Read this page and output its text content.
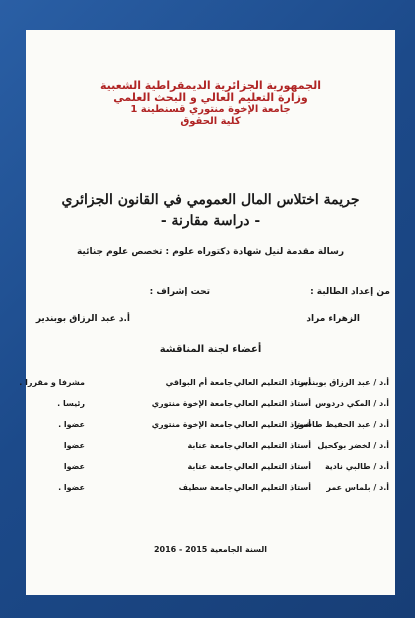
الجمهورية الجزائرية الديمقراطية الشعبية
وزارة التعليم العالي و البحث العلمي
جامعة الإخوة منتوري قسنطينة 1
كلية الحقوق
جريمة اختلاس المال العمومي في القانون الجزائري
- دراسة مقارنة -
رسالة مقدمة لنيل شهادة دكتوراه علوم : تخصص علوم جنائية
من إعداد الطالبة :
تحت إشراف :
الزهراء مراد
أ.د عبد الرزاق بوبندير
أعضاء لجنة المناقشة
أ.د / عبد الرزاق بوبندير
أستاذ التعليم العالي
جامعة أم البواقي
مشرفا و مقررا .
أ.د / المكي دردوس
أستاذ التعليم العالي
جامعة الإخوة منتوري
رئيسا .
أ.د / عبد الحفيظ طاشور
أستاذ التعليم العالي
جامعة الإخوة منتوري
عضوا .
أ.د / لخضر بوكحيل
أستاذ التعليم العالي
جامعة عنابة
عضوا
أ.د / طالبي نادية
أستاذ التعليم العالي
جامعة عنابة
عضوا
أ.د / بلماس عمر
أستاذ التعليم العالي
جامعة سطيف
عضوا .
السنة الجامعية 2015 - 2016
